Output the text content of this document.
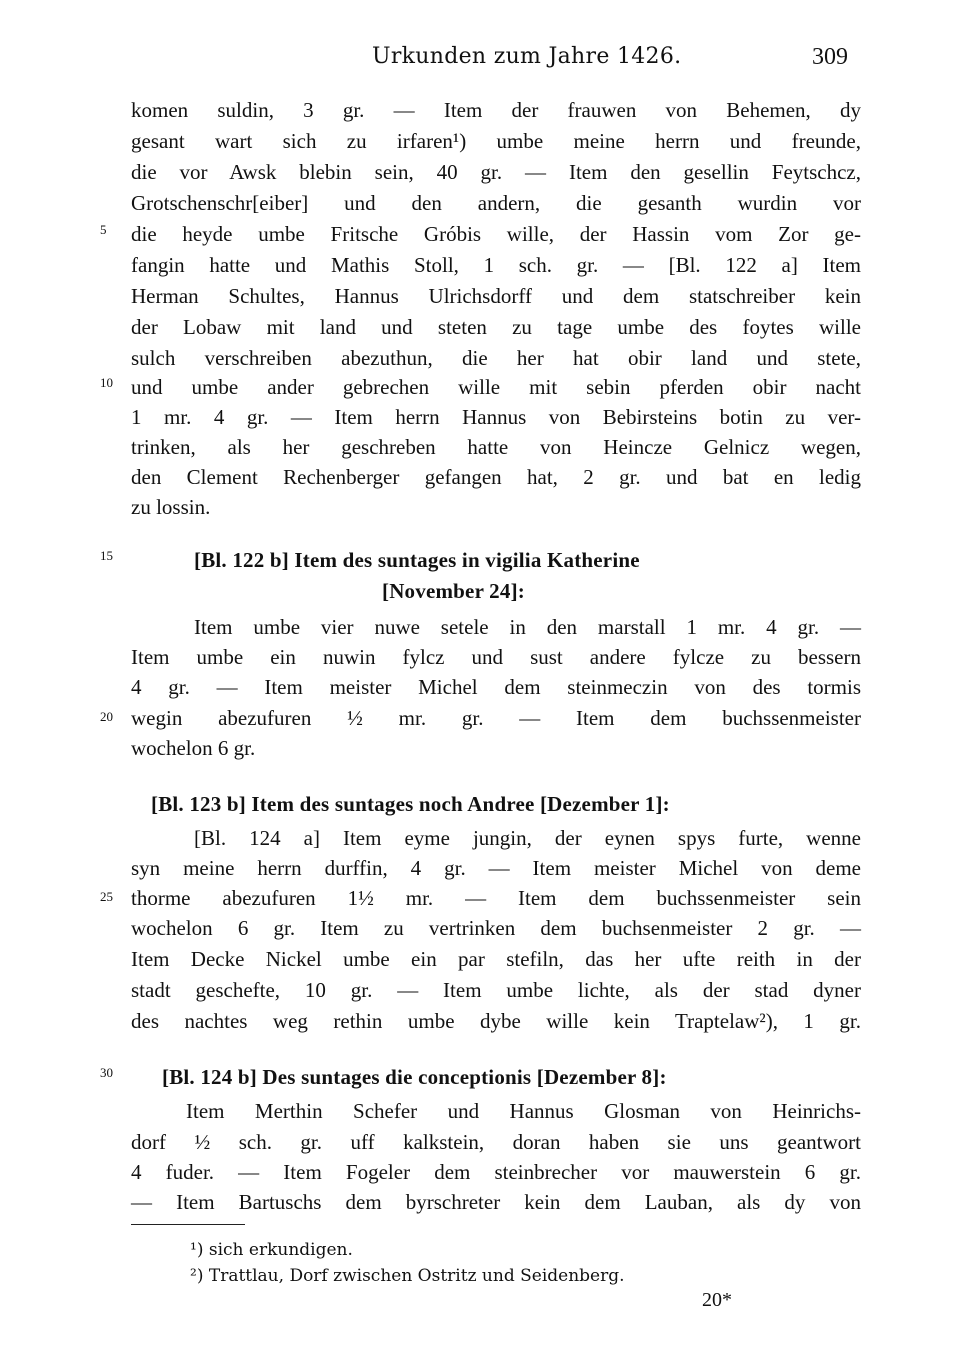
Urkunden zum Jahre 1426.	309
5
10
15
20
25
30
komen suldin, 3 gr. — Item der frauwen von Behemen, dy
gesant wart sich zu irfaren¹) umbe meine herrn und freunde,
die vor Awsk blebin sein, 40 gr. — Item den gesellin Feytschcz,
Grotschenschr[eiber] und den andern, die gesanth wurdin vor
die heyde umbe Fritsche Gróbis wille, der Hassin vom Zor ge-
fangin hatte und Mathis Stoll, 1 sch. gr. — [Bl. 122 a] Item
Herman Schultes, Hannus Ulrichsdorff und dem statschreiber kein
der Lobaw mit land und steten zu tage umbe des foytes wille
sulch verschreiben abezuthun, die her hat obir land und stete,
und umbe ander gebrechen wille mit sebin pferden obir nacht
1 mr. 4 gr. — Item herrn Hannus von Bebirsteins botin zu ver-
trinken, als her geschreben hatte von Heincze Gelnicz wegen,
den Clement Rechenberger gefangen hat, 2 gr. und bat en ledig
zu lossin.
[Bl. 122 b] Item des suntages in vigilia Katherine
[November 24]:
Item umbe vier nuwe setele in den marstall 1 mr. 4 gr. —
Item umbe ein nuwin fylcz und sust andere fylcze zu bessern
4 gr. — Item meister Michel dem steinmeczin von des tormis
wegin abezufuren ½ mr. gr. — Item dem buchssenmeister
wochelon 6 gr.
[Bl. 123 b] Item des suntages noch Andree [Dezember 1]:
[Bl. 124 a] Item eyme jungin, der eynen spys furte, wenne
syn meine herrn durffin, 4 gr. — Item meister Michel von deme
thorme abezufuren 1½ mr. — Item dem buchssenmeister sein
wochelon 6 gr. Item zu vertrinken dem buchsenmeister 2 gr. —
Item Decke Nickel umbe ein par stefiln, das her ufte reith in der
stadt geschefte, 10 gr. — Item umbe lichte, als der stad dyner
des nachtes weg rethin umbe dybe wille kein Traptelaw²), 1 gr.
[Bl. 124 b] Des suntages die conceptionis [Dezember 8]:
Item Merthin Schefer und Hannus Glosman von Heinrichs-
dorf ½ sch. gr. uff kalkstein, doran haben sie uns geantwort
4 fuder. — Item Fogeler dem steinbrecher vor mauwerstein 6 gr.
— Item Bartuschs dem byrschreter kein dem Lauban, als dy von
¹) sich erkundigen.
²) Trattlau, Dorf zwischen Ostritz und Seidenberg.
20*
